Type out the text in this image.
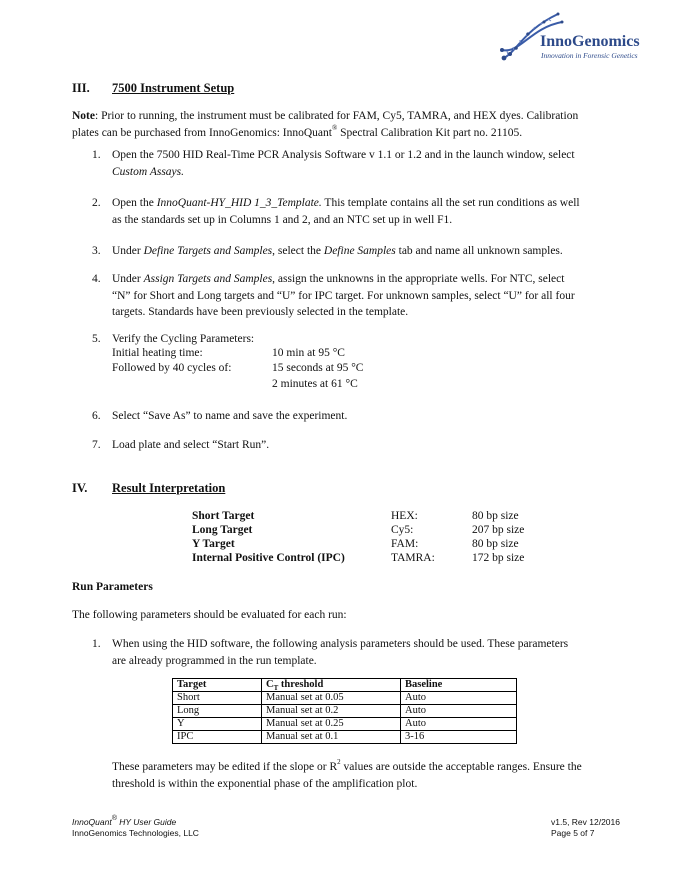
InnoGenomics
Innovation in Forensic Genetics
III. 7500 Instrument Setup
Note: Prior to running, the instrument must be calibrated for FAM, Cy5, TAMRA, and HEX dyes. Calibration
plates can be purchased from InnoGenomics: InnoQuant® Spectral Calibration Kit part no. 21105.
1. Open the 7500 HID Real-Time PCR Analysis Software v 1.1 or 1.2 and in the launch window, select
Custom Assays.
2. Open the InnoQuant-HY_HID 1_3_Template. This template contains all the set run conditions as well
as the standards set up in Columns 1 and 2, and an NTC set up in well F1.
3. Under Define Targets and Samples, select the Define Samples tab and name all unknown samples.
4. Under Assign Targets and Samples, assign the unknowns in the appropriate wells. For NTC, select
“N” for Short and Long targets and “U” for IPC target. For unknown samples, select “U” for all four
targets. Standards have been previously selected in the template.
5. Verify the Cycling Parameters:
Initial heating time:	10 min at 95 °C
Followed by 40 cycles of:	15 seconds at 95 °C
2 minutes at 61 °C
6. Select “Save As” to name and save the experiment.
7. Load plate and select “Start Run”.
IV. Result Interpretation
Short Target	HEX:	80 bp size
Long Target	Cy5:	207 bp size
Y Target	FAM:	80 bp size
Internal Positive Control (IPC)	TAMRA:	172 bp size
Run Parameters
The following parameters should be evaluated for each run:
1. When using the HID software, the following analysis parameters should be used. These parameters
are already programmed in the run template.
Target	$C_T$ threshold	Baseline
Short	Manual set at 0.05	Auto
Long	Manual set at 0.2	Auto
Y	Manual set at 0.25	Auto
IPC	Manual set at 0.1	3-16
These parameters may be edited if the slope or $R^2$ values are outside the acceptable ranges. Ensure the
threshold is within the exponential phase of the amplification plot.
InnoQuant® HY User Guide
InnoGenomics Technologies, LLC
v1.5, Rev 12/2016
Page 5 of 7
